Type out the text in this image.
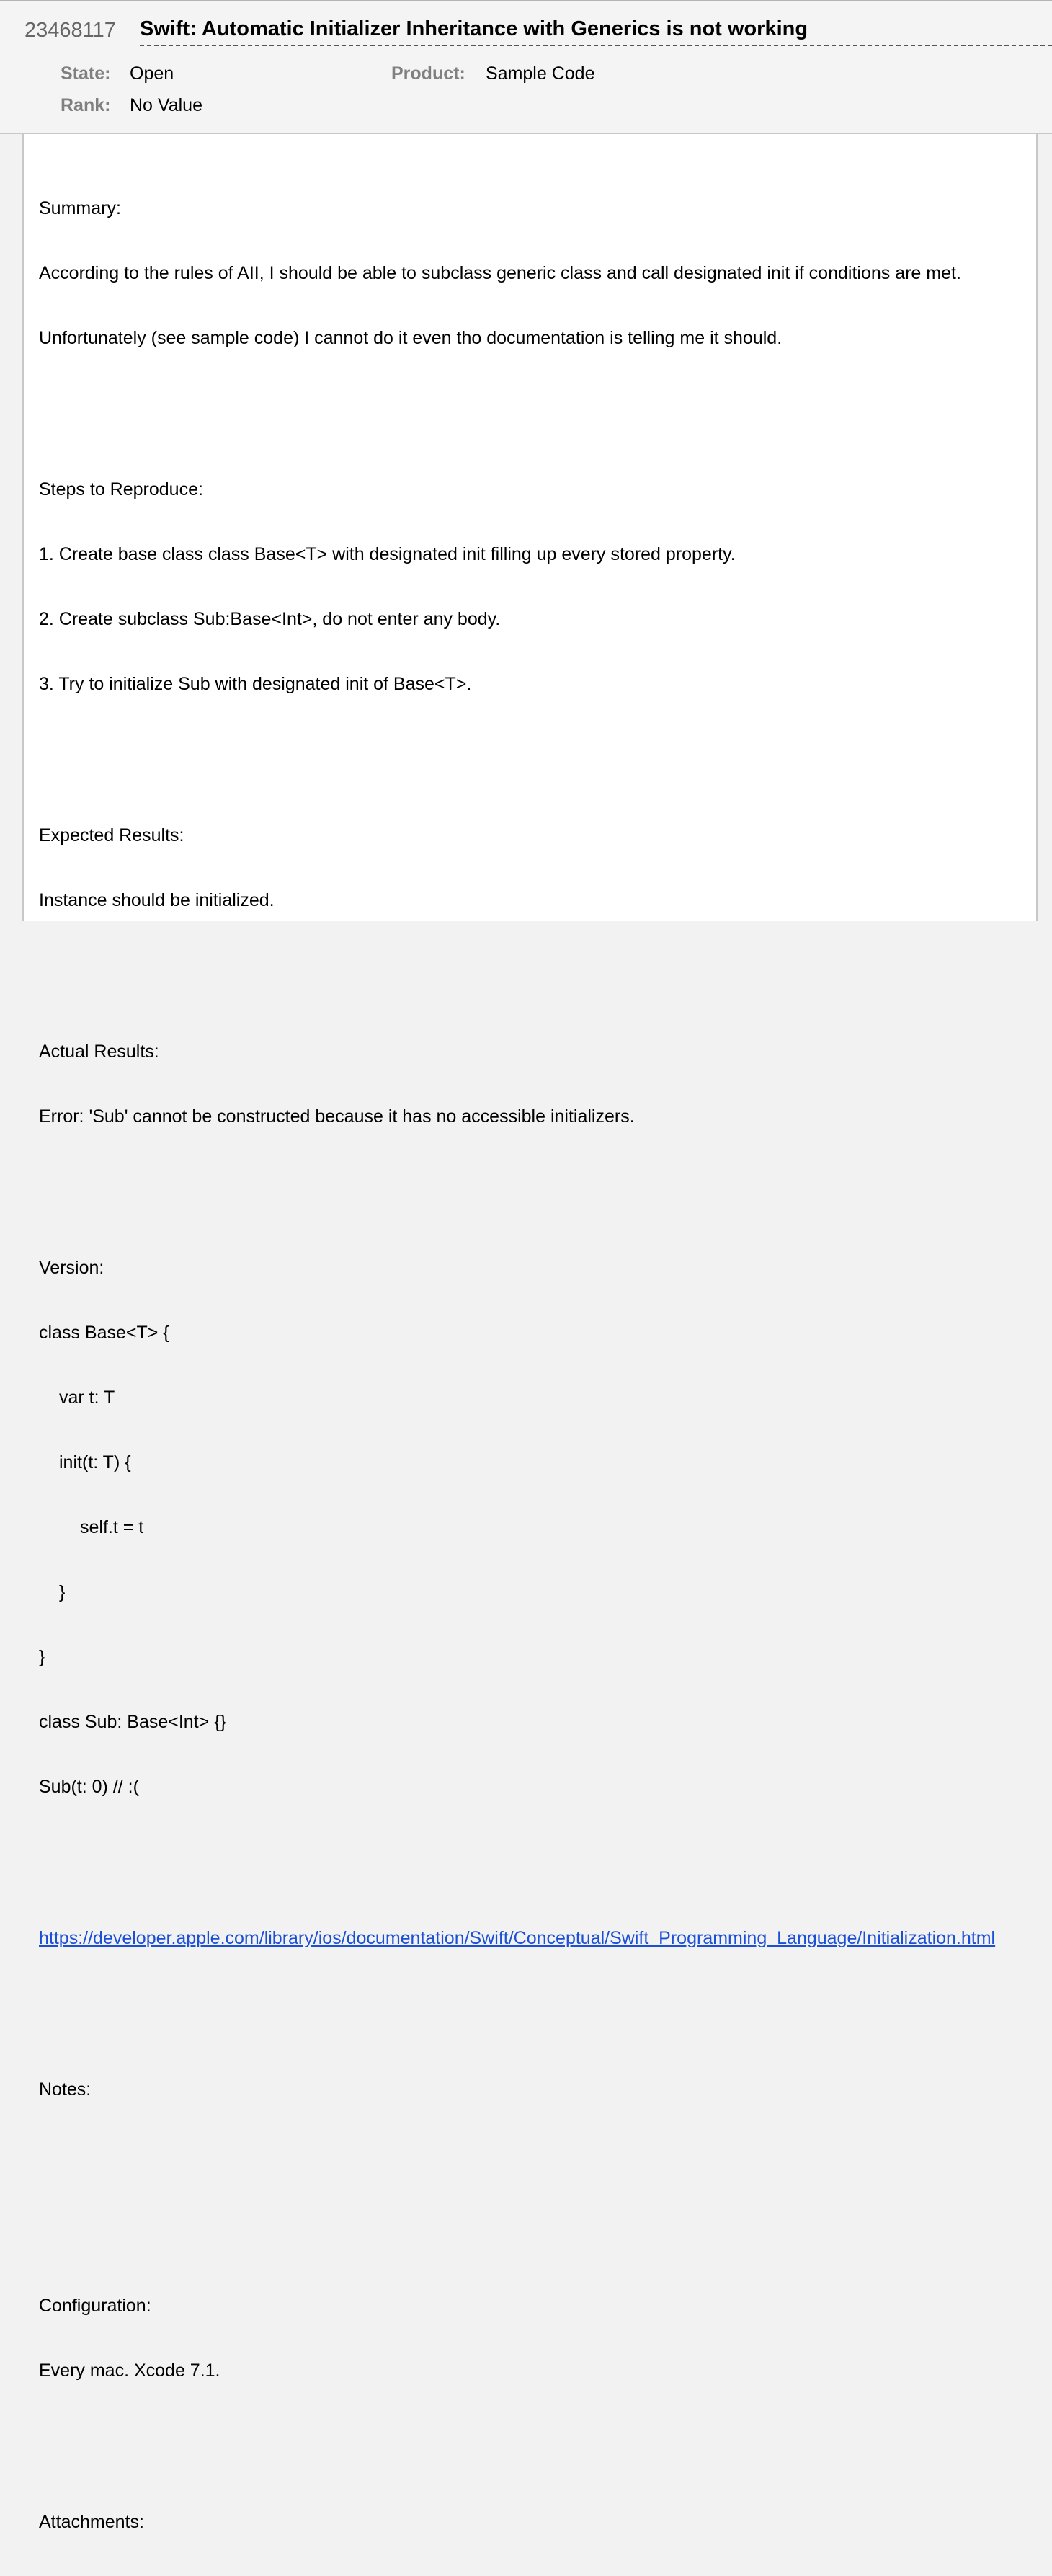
23468117 Swift: Automatic Initializer Inheritance with Generics is not working
State: Open
Rank: No Value
Product: Sample Code

Summary:

According to the rules of AII, I should be able to subclass generic class and call designated init if conditions are met.

Unfortunately (see sample code) I cannot do it even tho documentation is telling me it should.

Steps to Reproduce:

1. Create base class class Base<T> with designated init filling up every stored property.

2. Create subclass Sub:Base<Int>, do not enter any body.

3. Try to initialize Sub with designated init of Base<T>.

Expected Results:

Instance should be initialized.

Actual Results:

Error: 'Sub' cannot be constructed because it has no accessible initializers.

Version:

class Base<T> {

var t: T

init(t: T) {

self.t = t

}

}

class Sub: Base<Int> {}

Sub(t: 0) // :(

https://developer.apple.com/library/ios/documentation/Swift/Conceptual/Swift_Programming_Language/Initialization.html

Notes:

Configuration:

Every mac. Xcode 7.1.

Attachments:
